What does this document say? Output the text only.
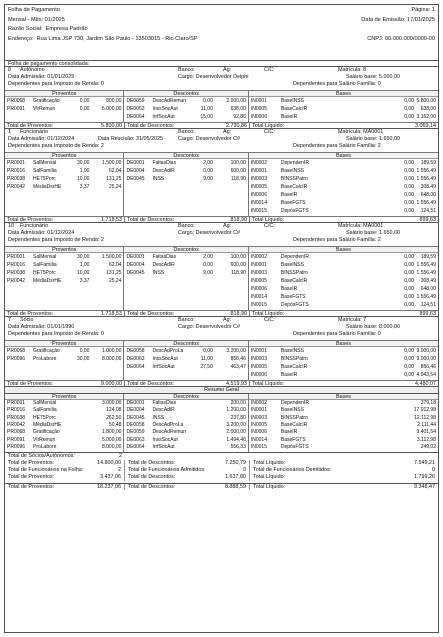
Folha de Pagamento	Página: 1
Mensal - Mês: 01/2025	Data de Emissão: 17/01/2025
Razão Social: Empresa Padrão
Endereço: Rua Lima JSP 730, Jardim São Paulo - 13503015 - Rio Claro/SP	CNPJ: 00.000.000/0000-00
Folha de pagamento consolidada:
8 Autônomo	Banco:	Ag:	C/C:	Matrícula: 8
Data Admissão: 01/01/2025	Cargo: Desenvolvedor Delphi	Salário base: 5.000,00
Dependentes para Imposto de Renda: 0	Dependentes para Salário Família: 0
Proventos
PR0068 Gratificação	0,00	800,00
PR0091 VlrRemun	0,00	5.000,00
Descontos
DE0059 DescAdRemun	0,00	2.000,00
DE0063 InssSocAut	11,00	638,00
DE0064 IrrfSocAut	15,00	92,86
Bases
IN0001	BaseINSS	0,00 5.800,00
IN0005	BaseCalcIR	0,00 638,00
IN0006	BaseIR	0,00 3.162,00
Total de Proventos:	5.800,00 Total de Descontos:	2.730,86 Total Líquido:	3.069,14
1 Funcionário	Banco:	Ag:	C/C:	Matrícula: MA0001
Data Admissão: 01/12/2024	Data Rescisão: 31/05/2025	Cargo: Desenvolvedor C#	Salário base: 1.650,00
Dependentes para Imposto de Renda: 2	Dependentes para Salário Família: 2
Proventos
PR0001 SalMensal	30,00	1.500,00
PR0016 SalFamília	1,00	62,04
PR0038 HE75Porc	10,00	131,25
PR0042 MédiaDsrHE	3,37	25,24
Descontos
DE0001 FaltasDias	2,00	100,00
DE0004 DescAdiR	0,00	600,00
DE0045 INSS	9,00	118,90
Bases
IN0002	DependenIR	0,00 189,59
IN0001	BaseINSS	0,00 1.556,49
IN0003	BINSSPatro	0,00 1.556,49
IN0005	BaseCalcIR	0,00 308,49
IN0006	BaseIR	0,00 648,00
IN0014	BaseFGTS	0,00 1.556,49
IN0015	DepósFGTS	0,00 124,51
Total de Proventos:	1.718,53 Total de Descontos:	818,90 Total Líquido:	899,63
10 Funcionário	Banco:	Ag:	C/C:	Matrícula: MA0001
Data Admissão: 01/12/2024	Cargo: Desenvolvedor C#	Salário base: 1.650,00
Dependentes para Imposto de Renda: 2	Dependentes para Salário Família: 2
Proventos
PR0001 SalMensal	30,00	1.500,00
PR0016 SalFamília	1,00	62,04
PR0038 HE75Porc	10,00	131,25
PR0042 MédiaDsrHE	3,37	25,24
Descontos
DE0001 FaltasDias	2,00	100,00
DE0004 DescAdiR	0,00	600,00
DE0045 INSS	9,00	118,90
Bases
IN0002	DependenIR	0,00 189,59
IN0001	BaseINSS	0,00 1.556,49
IN0003	BINSSPatro	0,00 1.556,49
IN0005	BaseCalcIR	0,00 308,49
IN0006	BaseIR	0,00 648,00
IN0014	BaseFGTS	0,00 1.556,49
IN0015	DepósFGTS	0,00 124,51
Total de Proventos:	1.718,53 Total de Descontos:	818,90 Total Líquido:	899,63
7 Sócio	Banco:	Ag:	C/C:	Matrícula: 7
Data Admissão: 01/01/1990	Cargo: Desenvolvedor C#	Salário base: 8.000,00
Dependentes para Imposto de Renda: 0	Dependentes para Salário Família: 0
Proventos
PR0068 Gratificação	0,00	1.000,00
PR0096 ProLabore	30,00	8.000,00
Descontos
DE0058 DescAdProLa	0,00	3.200,00
DE0063 InssSocAut	11,00	856,46
DE0064 IrrfSocAut	27,50	463,47
Bases
IN0001	BaseINSS	0,00 9.000,00
IN0003	BINSSPatro	0,00 9.000,00
IN0005	BaseCalcIR	0,00 856,46
IN0006	BaseIR	0,00 4.943,54
Total de Proventos:	9.000,00 Total de Descontos:	4.519,93 Total Líquido:	4.480,07
Resumo Geral
Proventos
PR0001 SalMensal	3.000,00
PR0016 SalFamília	124,08
PR0038 HE75Porc	262,50
PR0042 MédiaDsrHE	50,48
PR0068 Gratificação	1.800,00
PR0091 VlrRemun	5.000,00
PR0096 ProLabore	8.000,00
Descontos
DE0001 FaltasDias	200,00
DE0004 DescAdiR	1.200,00
DE0045 INSS	237,80
DE0058 DescAdProLa	3.200,00
DE0059 DescAdRemun	2.000,00
DE0063 InssSocAut	1.494,46
DE0064 IrrfSocAut	556,33
Bases
IN0002	DependenIR	379,18
IN0001	BaseINSS	17.912,98
IN0003	BINSSPatro	12.112,98
IN0005	BaseCalcIR	2.111,44
IN0006	BaseIR	9.401,54
IN0014	BaseFGTS	3.112,98
IN0015	DepósFGTS	249,02
Total de Sócios/Autônomos:	2
Total de Proventos:	14.800,00	Total de Descontos:	7.250,79	Total Líquido:	7.549,21
Total de Funcionários na Folha:	2	Total de Funcionários Admitidos:	0	Total de Funcionários Demitidos:	0
Total de Proventos:	3.437,06	Total de Descontos:	1.637,80	Total Líquido:	1.799,26
Total de Proventos:	18.237,06	Total de Descontos:	8.888,59	Total Líquido:	9.348,47
